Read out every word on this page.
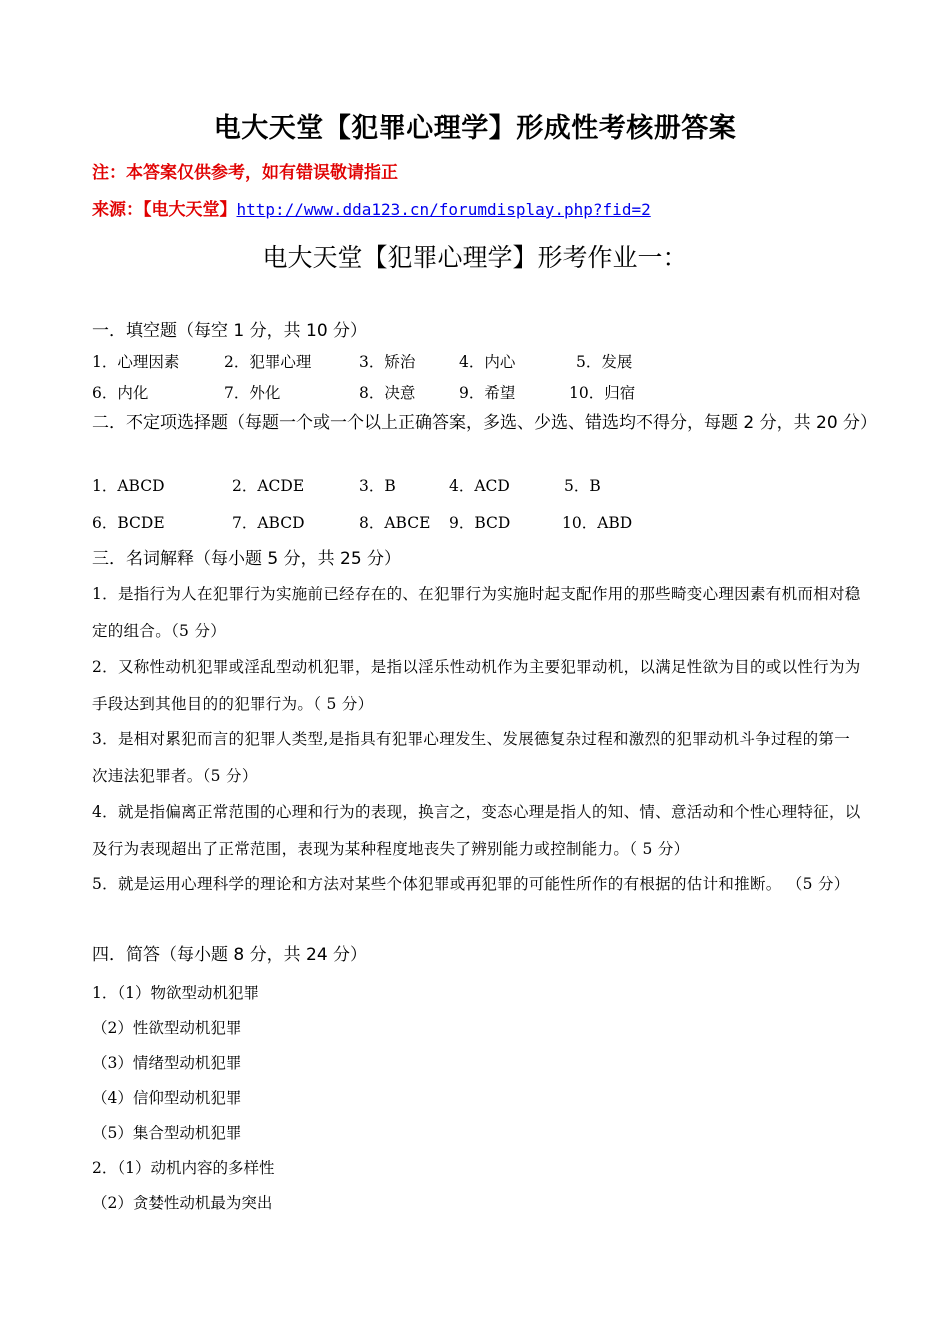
电大天堂【犯罪心理学】形成性考核册答案
注：本答案仅供参考，如有错误敬请指正
来源：【电大天堂】http://www.dda123.cn/forumdisplay.php?fid=2
电大天堂【犯罪心理学】形考作业一：
一．填空题（每空 1 分，共 10 分）
1．心理因素	2．犯罪心理	3．矫治	4．内心	5．发展
6．内化	7．外化	8．决意	9．希望	10．归宿
二．不定项选择题（每题一个或一个以上正确答案，多选、少选、错选均不得分，每题 2 分，共 20 分）
1．ABCD	2．ACDE	3．B	4．ACD	5．B
6．BCDE	7．ABCD	8．ABCE 9．BCD	10．ABD
三．名词解释（每小题 5 分，共 25 分）
1．是指行为人在犯罪行为实施前已经存在的、在犯罪行为实施时起支配作用的那些畸变心理因素有机而相对稳定的组合。（5 分）
2．又称性动机犯罪或淫乱型动机犯罪，是指以淫乐性动机作为主要犯罪动机，以满足性欲为目的或以性行为为手段达到其他目的的犯罪行为。（ 5 分）
3．是相对累犯而言的犯罪人类型,是指具有犯罪心理发生、发展德复杂过程和激烈的犯罪动机斗争过程的第一次违法犯罪者。（5 分）
4．就是指偏离正常范围的心理和行为的表现，换言之，变态心理是指人的知、情、意活动和个性心理特征，以及行为表现超出了正常范围，表现为某种程度地丧失了辨别能力或控制能力。（ 5 分）
5．就是运用心理科学的理论和方法对某些个体犯罪或再犯罪的可能性所作的有根据的估计和推断。 （5 分）
四．简答（每小题 8 分，共 24 分）
1．（1）物欲型动机犯罪
（2）性欲型动机犯罪
（3）情绪型动机犯罪
（4）信仰型动机犯罪
（5）集合型动机犯罪
2．（1）动机内容的多样性
（2）贪婪性动机最为突出
